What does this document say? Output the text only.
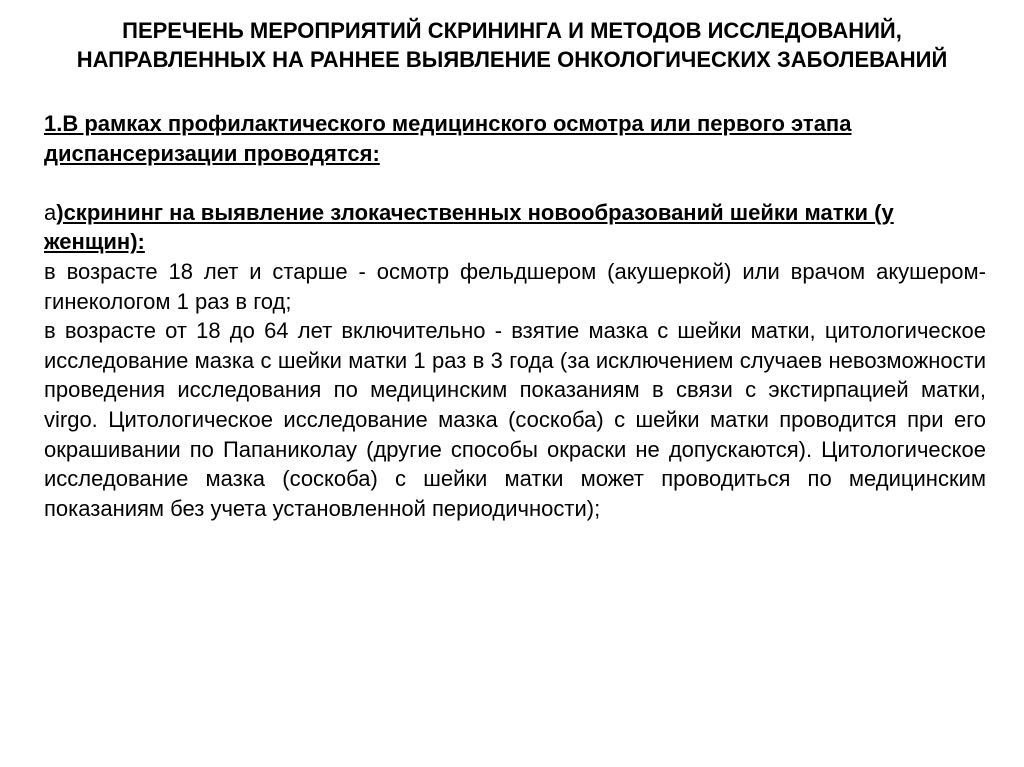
ПЕРЕЧЕНЬ МЕРОПРИЯТИЙ СКРИНИНГА И МЕТОДОВ ИССЛЕДОВАНИЙ, НАПРАВЛЕННЫХ НА РАННЕЕ ВЫЯВЛЕНИЕ ОНКОЛОГИЧЕСКИХ ЗАБОЛЕВАНИЙ

1.В рамках профилактического медицинского осмотра или первого этапа диспансеризации проводятся:

а)скрининг на выявление злокачественных новообразований шейки матки (у женщин):

в возрасте 18 лет и старше - осмотр фельдшером (акушеркой) или врачом акушером-гинекологом 1 раз в год;

в возрасте от 18 до 64 лет включительно - взятие мазка с шейки матки, цитологическое исследование мазка с шейки матки 1 раз в 3 года (за исключением случаев невозможности проведения исследования по медицинским показаниям в связи с экстирпацией матки, virgo. Цитологическое исследование мазка (соскоба) с шейки матки проводится при его окрашивании по Папаниколау (другие способы окраски не допускаются). Цитологическое исследование мазка (соскоба) с шейки матки может проводиться по медицинским показаниям без учета установленной периодичности);
